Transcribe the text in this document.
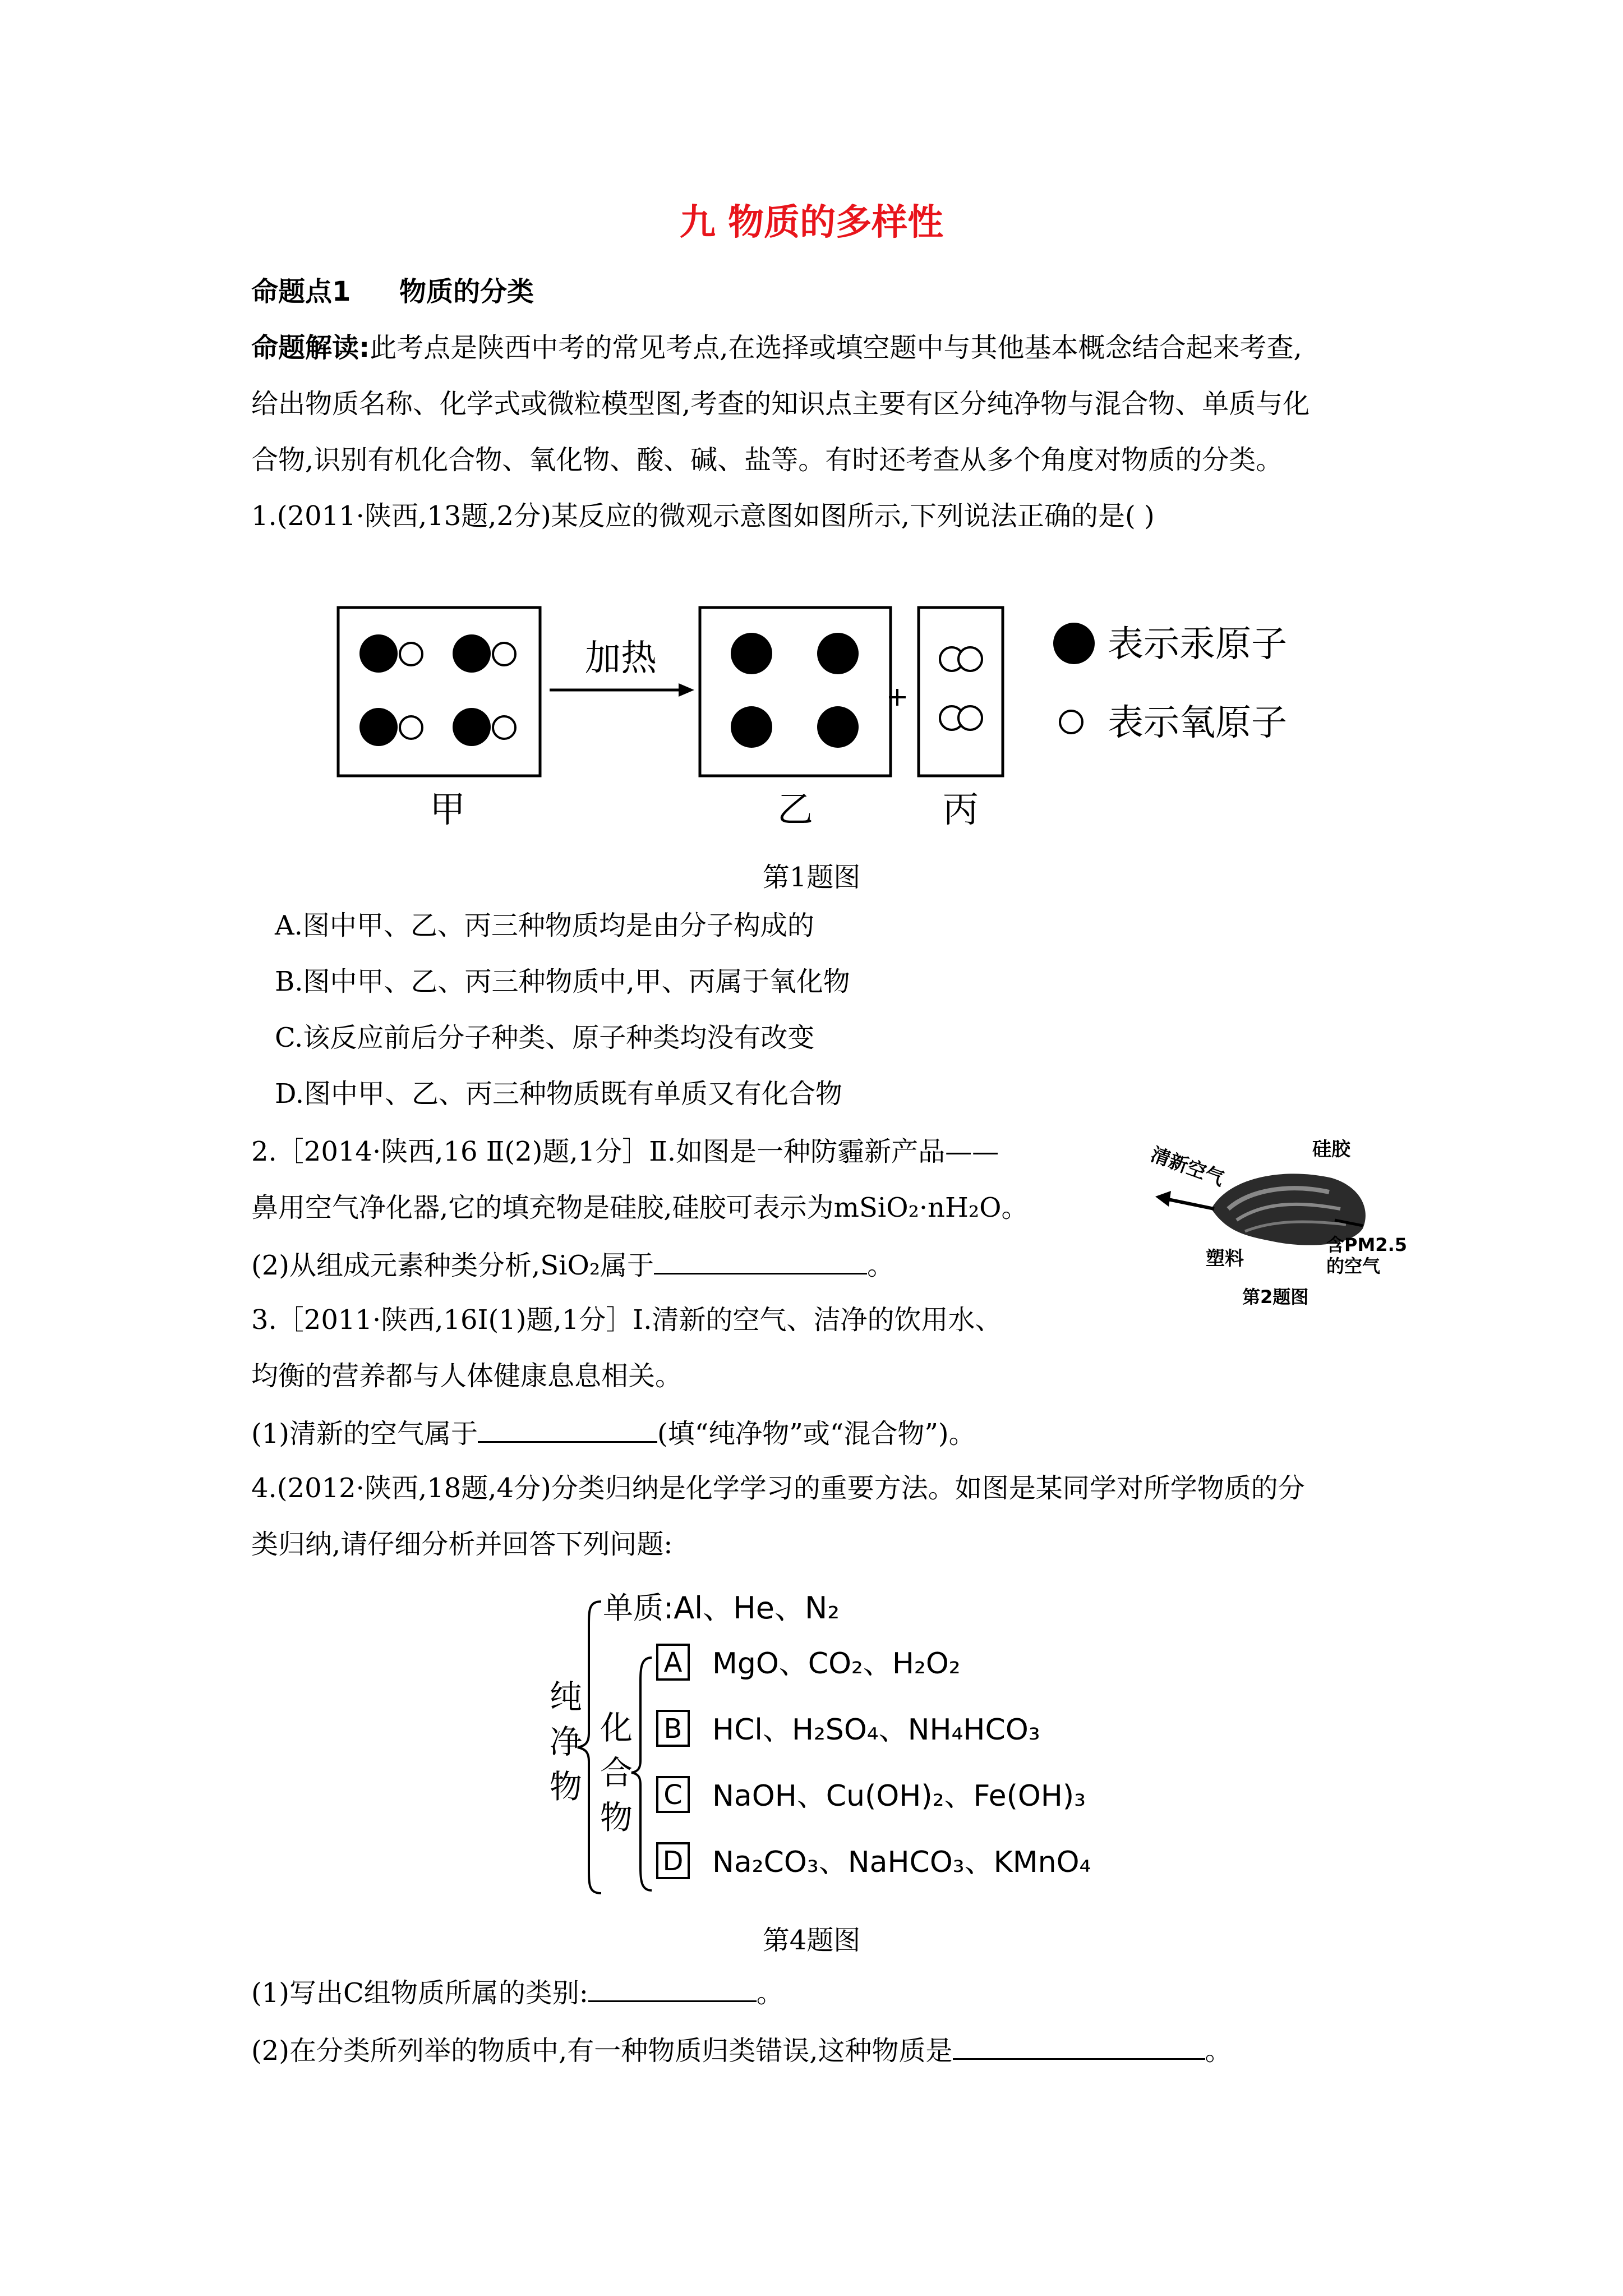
九 物质的多样性
命题点1 物质的分类
命题解读:此考点是陕西中考的常见考点,在选择或填空题中与其他基本概念结合起来考查,
给出物质名称、化学式或微粒模型图,考查的知识点主要有区分纯净物与混合物、单质与化
合物,识别有机化合物、氧化物、酸、碱、盐等。有时还考查从多个角度对物质的分类。
1.(2011·陕西,13题,2分)某反应的微观示意图如图所示,下列说法正确的是( )
加热
甲	乙	丙
表示汞原子
表示氧原子
第1题图
A.图中甲、乙、丙三种物质均是由分子构成的
B.图中甲、乙、丙三种物质中,甲、丙属于氧化物
C.该反应前后分子种类、原子种类均没有改变
D.图中甲、乙、丙三种物质既有单质又有化合物
2.［2014·陕西,16 Ⅱ(2)题,1分］Ⅱ.如图是一种防霾新产品——
鼻用空气净化器,它的填充物是硅胶,硅胶可表示为mSiO₂·nH₂O。
(2)从组成元素种类分析,SiO₂属于	。
清新空气	硅胶
含PM2.5
的空气
塑料
第2题图
3.［2011·陕西,16Ⅰ(1)题,1分］Ⅰ.清新的空气、洁净的饮用水、
均衡的营养都与人体健康息息相关。
(1)清新的空气属于	(填“纯净物”或“混合物”)。
4.(2012·陕西,18题,4分)分类归纳是化学学习的重要方法。如图是某同学对所学物质的分
类归纳,请仔细分析并回答下列问题:
纯
净
物
单质:Al、He、N₂
化
合
物
A MgO、CO₂、H₂O₂
B HCl、H₂SO₄、NH₄HCO₃
C NaOH、Cu(OH)₂、Fe(OH)₃
D Na₂CO₃、NaHCO₃、KMnO₄
第4题图
(1)写出C组物质所属的类别:	。
(2)在分类所列举的物质中,有一种物质归类错误,这种物质是	。
